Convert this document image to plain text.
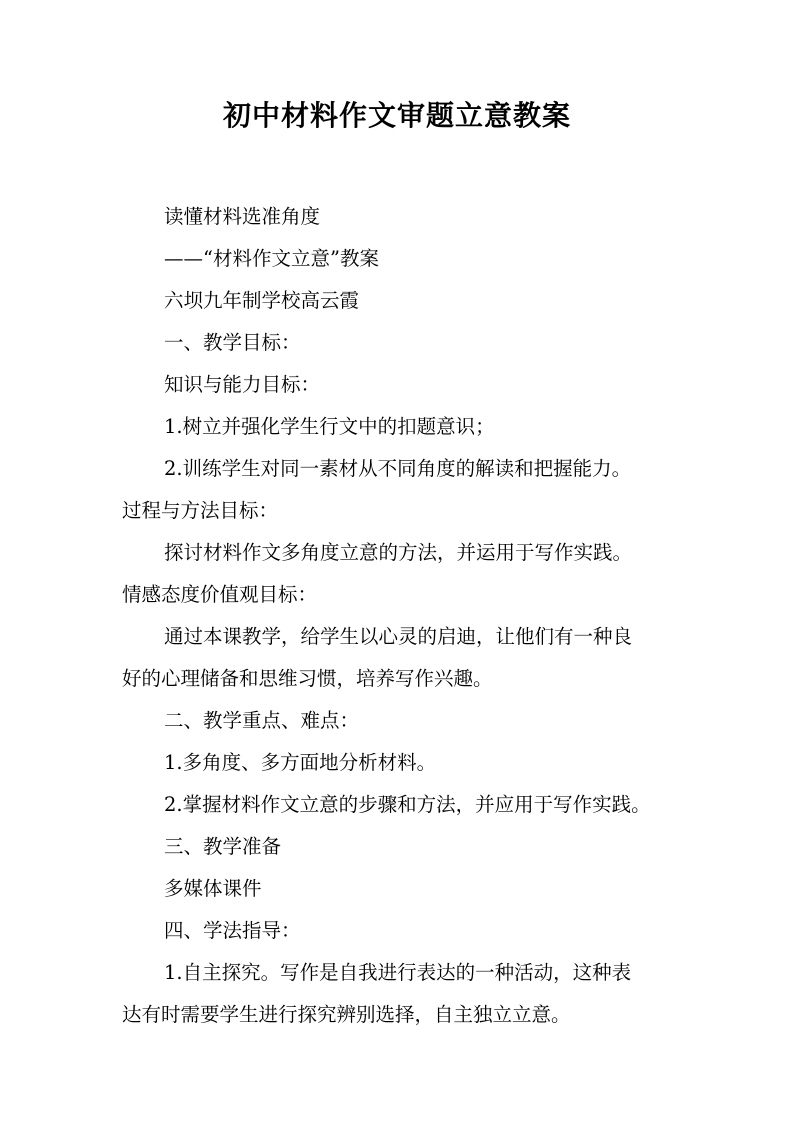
初中材料作文审题立意教案

读懂材料选准角度

——“材料作文立意”教案

六坝九年制学校高云霞

一、教学目标：

知识与能力目标：

1.树立并强化学生行文中的扣题意识；

2.训练学生对同一素材从不同角度的解读和把握能力。

过程与方法目标：

探讨材料作文多角度立意的方法，并运用于写作实践。

情感态度价值观目标：

通过本课教学，给学生以心灵的启迪，让他们有一种良

好的心理储备和思维习惯，培养写作兴趣。

二、教学重点、难点：

1.多角度、多方面地分析材料。

2.掌握材料作文立意的步骤和方法，并应用于写作实践。

三、教学准备

多媒体课件

四、学法指导：

1.自主探究。写作是自我进行表达的一种活动，这种表

达有时需要学生进行探究辨别选择，自主独立立意。
